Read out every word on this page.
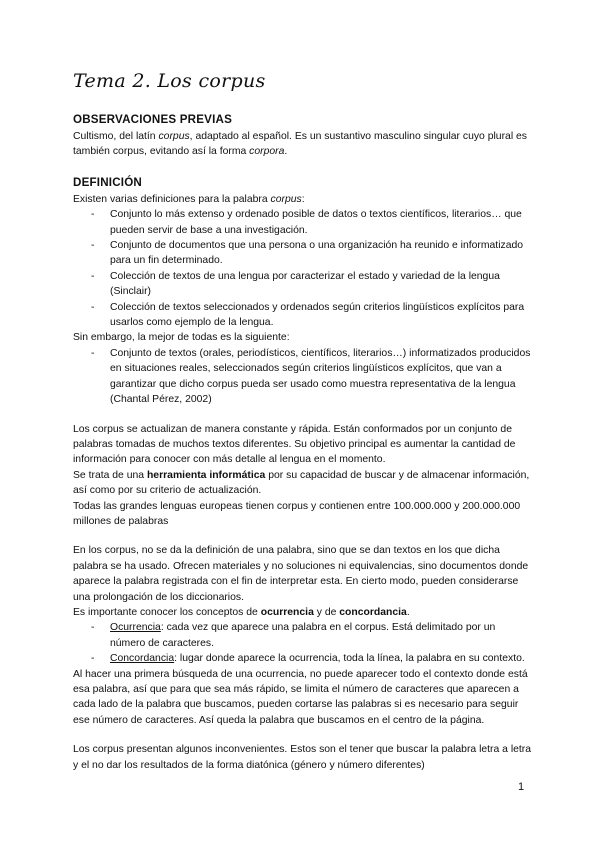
Tema 2. Los corpus
OBSERVACIONES PREVIAS

Cultismo, del latín corpus, adaptado al español. Es un sustantivo masculino singular cuyo plural es también corpus, evitando así la forma corpora.

DEFINICIÓN

Existen varias definiciones para la palabra corpus:

- Conjunto lo más extenso y ordenado posible de datos o textos científicos, literarios… que pueden servir de base a una investigación.
- Conjunto de documentos que una persona o una organización ha reunido e informatizado para un fin determinado.
- Colección de textos de una lengua por caracterizar el estado y variedad de la lengua (Sinclair)
- Colección de textos seleccionados y ordenados según criterios lingüísticos explícitos para usarlos como ejemplo de la lengua.

Sin embargo, la mejor de todas es la siguiente:

- Conjunto de textos (orales, periodísticos, científicos, literarios…) informatizados producidos en situaciones reales, seleccionados según criterios lingüísticos explícitos, que van a garantizar que dicho corpus pueda ser usado como muestra representativa de la lengua (Chantal Pérez, 2002)

Los corpus se actualizan de manera constante y rápida. Están conformados por un conjunto de palabras tomadas de muchos textos diferentes. Su objetivo principal es aumentar la cantidad de información para conocer con más detalle al lengua en el momento.

Se trata de una herramienta informática por su capacidad de buscar y de almacenar información, así como por su criterio de actualización.

Todas las grandes lenguas europeas tienen corpus y contienen entre 100.000.000 y 200.000.000 millones de palabras

En los corpus, no se da la definición de una palabra, sino que se dan textos en los que dicha palabra se ha usado. Ofrecen materiales y no soluciones ni equivalencias, sino documentos donde aparece la palabra registrada con el fin de interpretar esta. En cierto modo, pueden considerarse una prolongación de los diccionarios.

Es importante conocer los conceptos de ocurrencia y de concordancia.

- Ocurrencia: cada vez que aparece una palabra en el corpus. Está delimitado por un número de caracteres.
- Concordancia: lugar donde aparece la ocurrencia, toda la línea, la palabra en su contexto.

Al hacer una primera búsqueda de una ocurrencia, no puede aparecer todo el contexto donde está esa palabra, así que para que sea más rápido, se limita el número de caracteres que aparecen a cada lado de la palabra que buscamos, pueden cortarse las palabras si es necesario para seguir ese número de caracteres. Así queda la palabra que buscamos en el centro de la página.

Los corpus presentan algunos inconvenientes. Estos son el tener que buscar la palabra letra a letra y el no dar los resultados de la forma diatónica (género y número diferentes)

1
